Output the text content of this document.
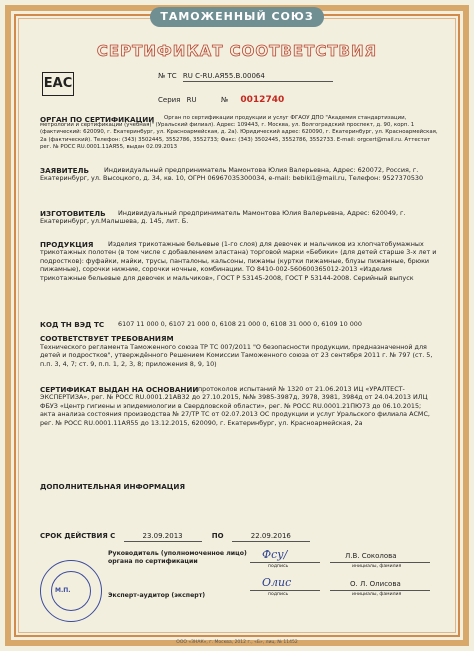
ТАМОЖЕННЫЙ СОЮЗ
СЕРТИФИКАТ СООТВЕТСТВИЯ
ЕАС	№ ТС RU С-RU.АЯ55.В.00064
Серия RU	№ 0012740
ОРГАН ПО СЕРТИФИКАЦИИ	Орган по сертификации продукции и услуг ФГАОУ ДПО "Академия стандартизации, метрологии и сертификации (учебная)" (Уральский филиал). Адрес: 109443, г. Москва, ул. Волгоградский проспект, д. 90, корп. 1 (фактический: 620090, г. Екатеринбург, ул. Красноармейская, д. 2а). Юридический адрес: 620090, г. Екатеринбург, ул. Красноармейская, 2а (фактический). Телефон: (343) 3502445, 3552786, 3552733; Факс: (343) 3502445, 3552786, 3552733. E-mail: orgcert@mail.ru. Аттестат рег. № РОСС RU.0001.11АЯ55, выдан 02.09.2013
ЗАЯВИТЕЛЬ	Индивидуальный предприниматель Мамонтова Юлия Валерьевна, Адрес: 620072, Россия, г. Екатеринбург, ул. Высоцкого, д. 34, кв. 10, ОГРН 06967035300034, e-mail: bebiki1@mail.ru, Телефон: 9527370530
ИЗГОТОВИТЕЛЬ	Индивидуальный предприниматель Мамонтова Юлия Валерьевна, Адрес: 620049, г. Екатеринбург, ул.Малышева, д. 145, лит. Б.
ПРОДУКЦИЯ	Изделия трикотажные бельевые (1-го слоя) для девочек и мальчиков из хлопчатобумажных трикотажных полотен (в том числе с добавлением эластана) торговой марки «Бебики» (для детей старше 3-х лет и подростков): фуфайки, майки, трусы, панталоны, кальсоны, пижамы (куртки пижамные, блузы пижамные, брюки пижамные), сорочки нижние, сорочки ночные, комбинации. ТО 8410-002-560600365012-2013 «Изделия трикотажные бельевые для девочек и мальчиков», ГОСТ Р 53145-2008, ГОСТ Р 53144-2008. Серийный выпуск
КОД ТН ВЭД ТС 6107 11 000 0, 6107 21 000 0, 6108 21 000 0, 6108 31 000 0, 6109 10 000
СООТВЕТСТВУЕТ ТРЕБОВАНИЯМ
Технического регламента Таможенного союза ТР ТС 007/2011 "О безопасности продукции, предназначенной для детей и подростков", утверждённого Решением Комиссии Таможенного союза от 23 сентября 2011 г. № 797 (ст. 5, п.п. 3, 4, 7; ст. 9, п.п. 1, 2, 3, 8; приложения 8, 9, 10)
СЕРТИФИКАТ ВЫДАН НА ОСНОВАНИИ протоколов испытаний № 1320 от 21.06.2013 ИЦ «УРАЛТЕСТ-ЭКСПЕРТИЗА», рег. № РОСС RU.0001.21АВ32 до 27.10.2015, №№ 3985-3987д, 3978, 3981, 3984д от 24.04.2013 ИЛЦ ФБУЗ «Центр гигиены и эпидемиологии в Свердловской области», рег. № РОСС RU.0001.21ПЮ73 до 06.10.2015; акта анализа состояния производства № 27/ТР ТС от 02.07.2013 ОС продукции и услуг Уральского филиала АСМС, рег. № РОСС RU.0001.11АЯ55 до 13.12.2015, 620090, г. Екатеринбург, ул. Красноармейская, 2а
ДОПОЛНИТЕЛЬНАЯ ИНФОРМАЦИЯ
СРОК ДЕЙСТВИЯ С	23.09.2013	ПО	22.09.2016
М.П.
Руководитель (уполномоченное лицо) органа по сертификации
Фсу/
подпись
Л.В. Соколова
инициалы, фамилия
Эксперт-аудитор (эксперт)
Олис
подпись
О. Л. Олисова
инициалы, фамилия
ООО «ЗНАК», г. Москва, 2012 г., «Б», лиц. № 11452
